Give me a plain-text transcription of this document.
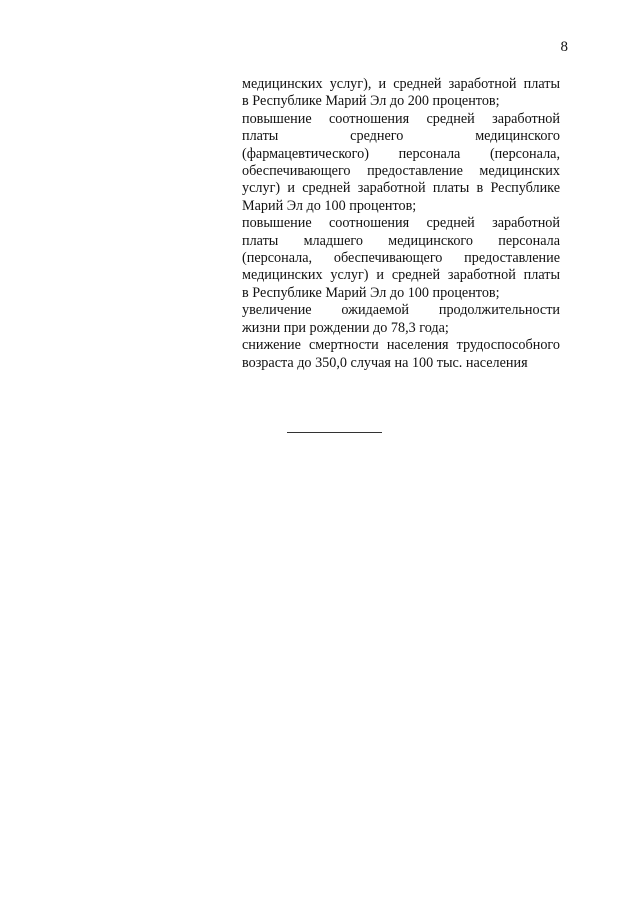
8
медицинских услуг), и средней заработной платы
в Республике Марий Эл до 200 процентов;
повышение соотношения средней заработной
платы среднего медицинского
(фармацевтического) персонала (персонала,
обеспечивающего предоставление медицинских
услуг) и средней заработной платы в Республике
Марий Эл до 100 процентов;
повышение соотношения средней заработной
платы младшего медицинского персонала
(персонала, обеспечивающего предоставление
медицинских услуг) и средней заработной платы
в Республике Марий Эл до 100 процентов;
увеличение ожидаемой продолжительности
жизни при рождении до 78,3 года;
снижение смертности населения трудоспособного
возраста до 350,0 случая на 100 тыс. населения
